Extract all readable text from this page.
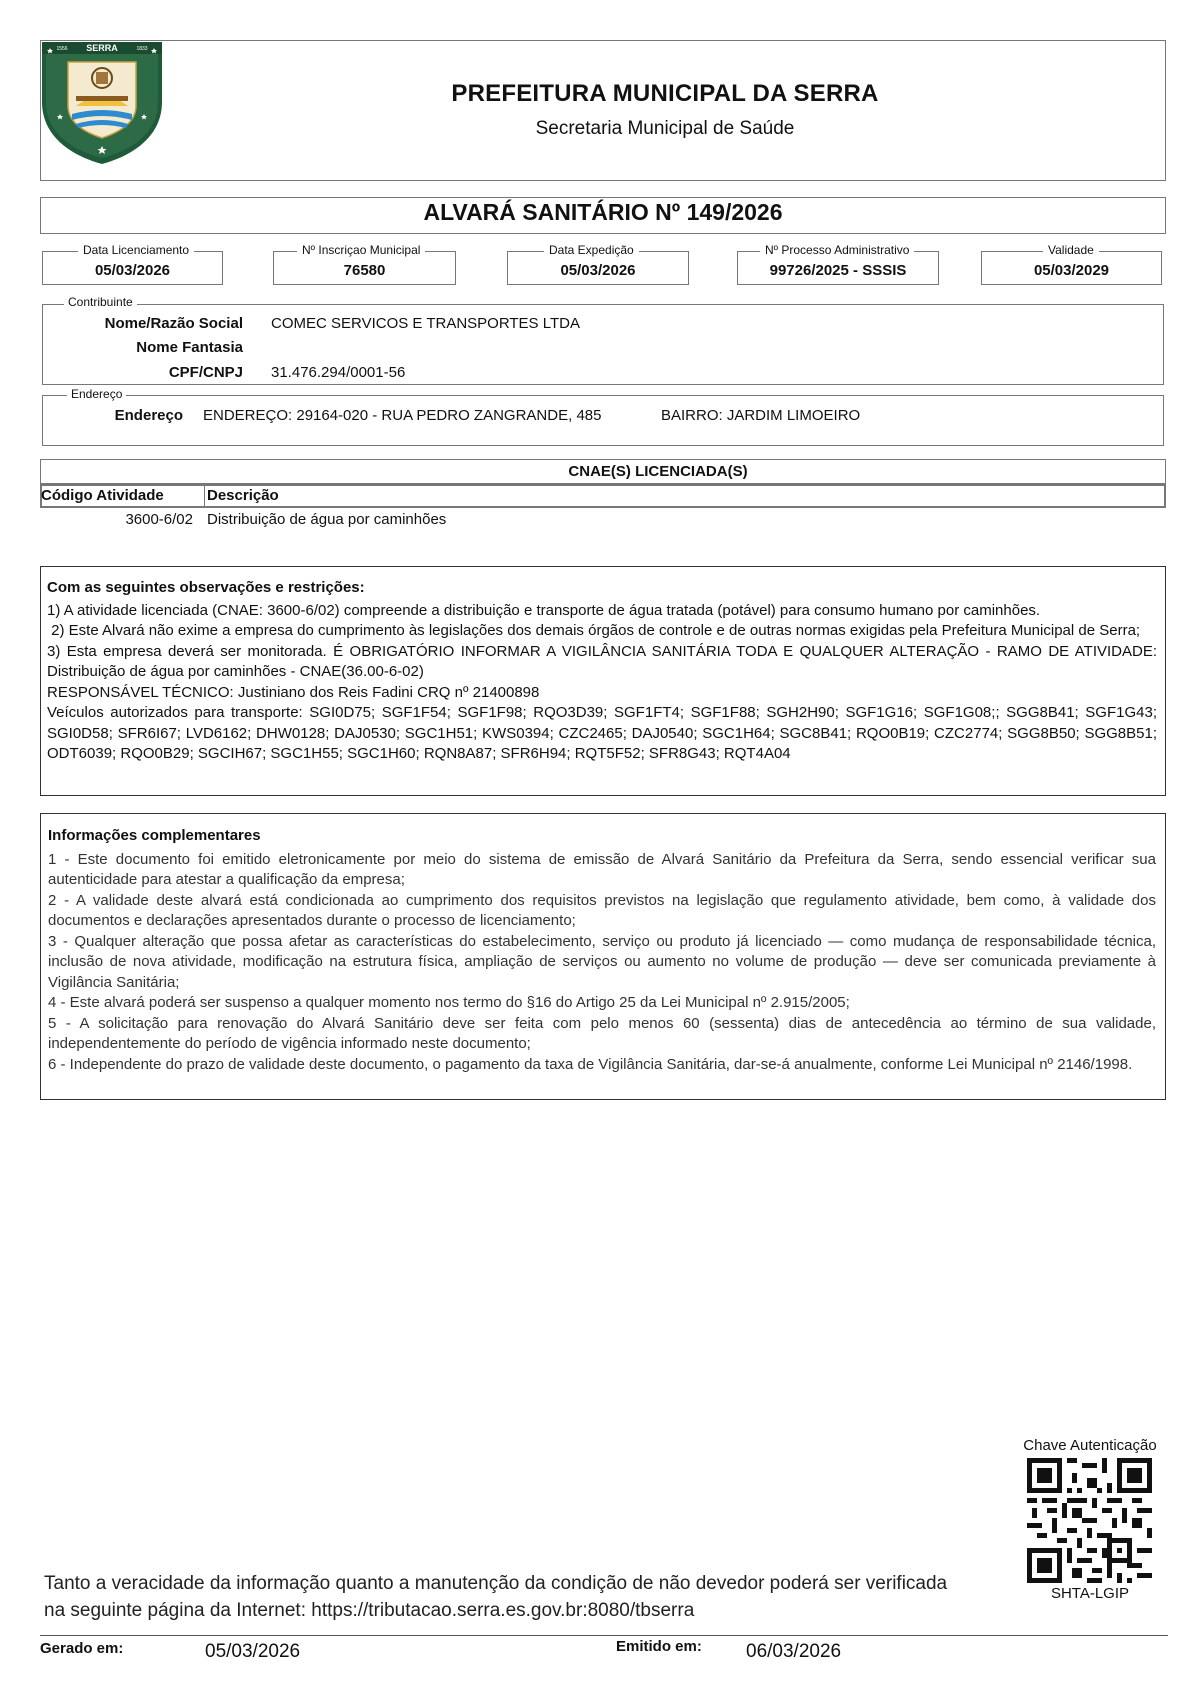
SERRA
1556	1833
PREFEITURA MUNICIPAL DA SERRA
Secretaria Municipal de Saúde
ALVARÁ SANITÁRIO Nº 149/2026
Data Licenciamento
05/03/2026
Nº Inscriçao Municipal
76580
Data Expedição
05/03/2026
Nº Processo Administrativo
99726/2025 - SSSIS
Validade
05/03/2029
Contribuinte
Nome/Razão Social COMEC SERVICOS E TRANSPORTES LTDA
Nome Fantasia
CPF/CNPJ 31.476.294/0001-56
Endereço
Endereço ENDEREÇO: 29164-020 - RUA PEDRO ZANGRANDE, 485	BAIRRO: JARDIM LIMOEIRO
CNAE(S) LICENCIADA(S)
Código Atividade	Descrição
3600-6/02 Distribuição de água por caminhões

Com as seguintes observações e restrições:

1) A atividade licenciada (CNAE: 3600-6/02) compreende a distribuição e transporte de água tratada (potável) para consumo humano por caminhões.

2) Este Alvará não exime a empresa do cumprimento às legislações dos demais órgãos de controle e de outras normas exigidas pela Prefeitura Municipal de Serra;

3) Esta empresa deverá ser monitorada. É OBRIGATÓRIO INFORMAR A VIGILÂNCIA SANITÁRIA TODA E QUALQUER ALTERAÇÃO - RAMO DE ATIVIDADE: Distribuição de água por caminhões - CNAE(36.00-6-02)

RESPONSÁVEL TÉCNICO: Justiniano dos Reis Fadini CRQ nº 21400898

Veículos autorizados para transporte: SGI0D75; SGF1F54; SGF1F98; RQO3D39; SGF1FT4; SGF1F88; SGH2H90; SGF1G16; SGF1G08;; SGG8B41; SGF1G43; SGI0D58; SFR6I67; LVD6162; DHW0128; DAJ0530; SGC1H51; KWS0394; CZC2465; DAJ0540; SGC1H64; SGC8B41; RQO0B19; CZC2774; SGG8B50; SGG8B51; ODT6039; RQO0B29; SGCIH67; SGC1H55; SGC1H60; RQN8A87; SFR6H94; RQT5F52; SFR8G43; RQT4A04

Informações complementares

1 - Este documento foi emitido eletronicamente por meio do sistema de emissão de Alvará Sanitário da Prefeitura da Serra, sendo essencial verificar sua autenticidade para atestar a qualificação da empresa;

2 - A validade deste alvará está condicionada ao cumprimento dos requisitos previstos na legislação que regulamento atividade, bem como, à validade dos documentos e declarações apresentados durante o processo de licenciamento;

3 - Qualquer alteração que possa afetar as características do estabelecimento, serviço ou produto já licenciado — como mudança de responsabilidade técnica, inclusão de nova atividade, modificação na estrutura física, ampliação de serviços ou aumento no volume de produção — deve ser comunicada previamente à Vigilância Sanitária;

4 - Este alvará poderá ser suspenso a qualquer momento nos termo do §16 do Artigo 25 da Lei Municipal nº 2.915/2005;

5 - A solicitação para renovação do Alvará Sanitário deve ser feita com pelo menos 60 (sessenta) dias de antecedência ao término de sua validade, independentemente do período de vigência informado neste documento;

6 - Independente do prazo de validade deste documento, o pagamento da taxa de Vigilância Sanitária, dar-se-á anualmente, conforme Lei Municipal nº 2146/1998.

Chave Autenticação
SHTA-LGIP
Tanto a veracidade da informação quanto a manutenção da condição de não devedor poderá ser verificada
na seguinte página da Internet: https://tributacao.serra.es.gov.br:8080/tbserra
Gerado em:	05/03/2026	Emitido em: 06/03/2026
